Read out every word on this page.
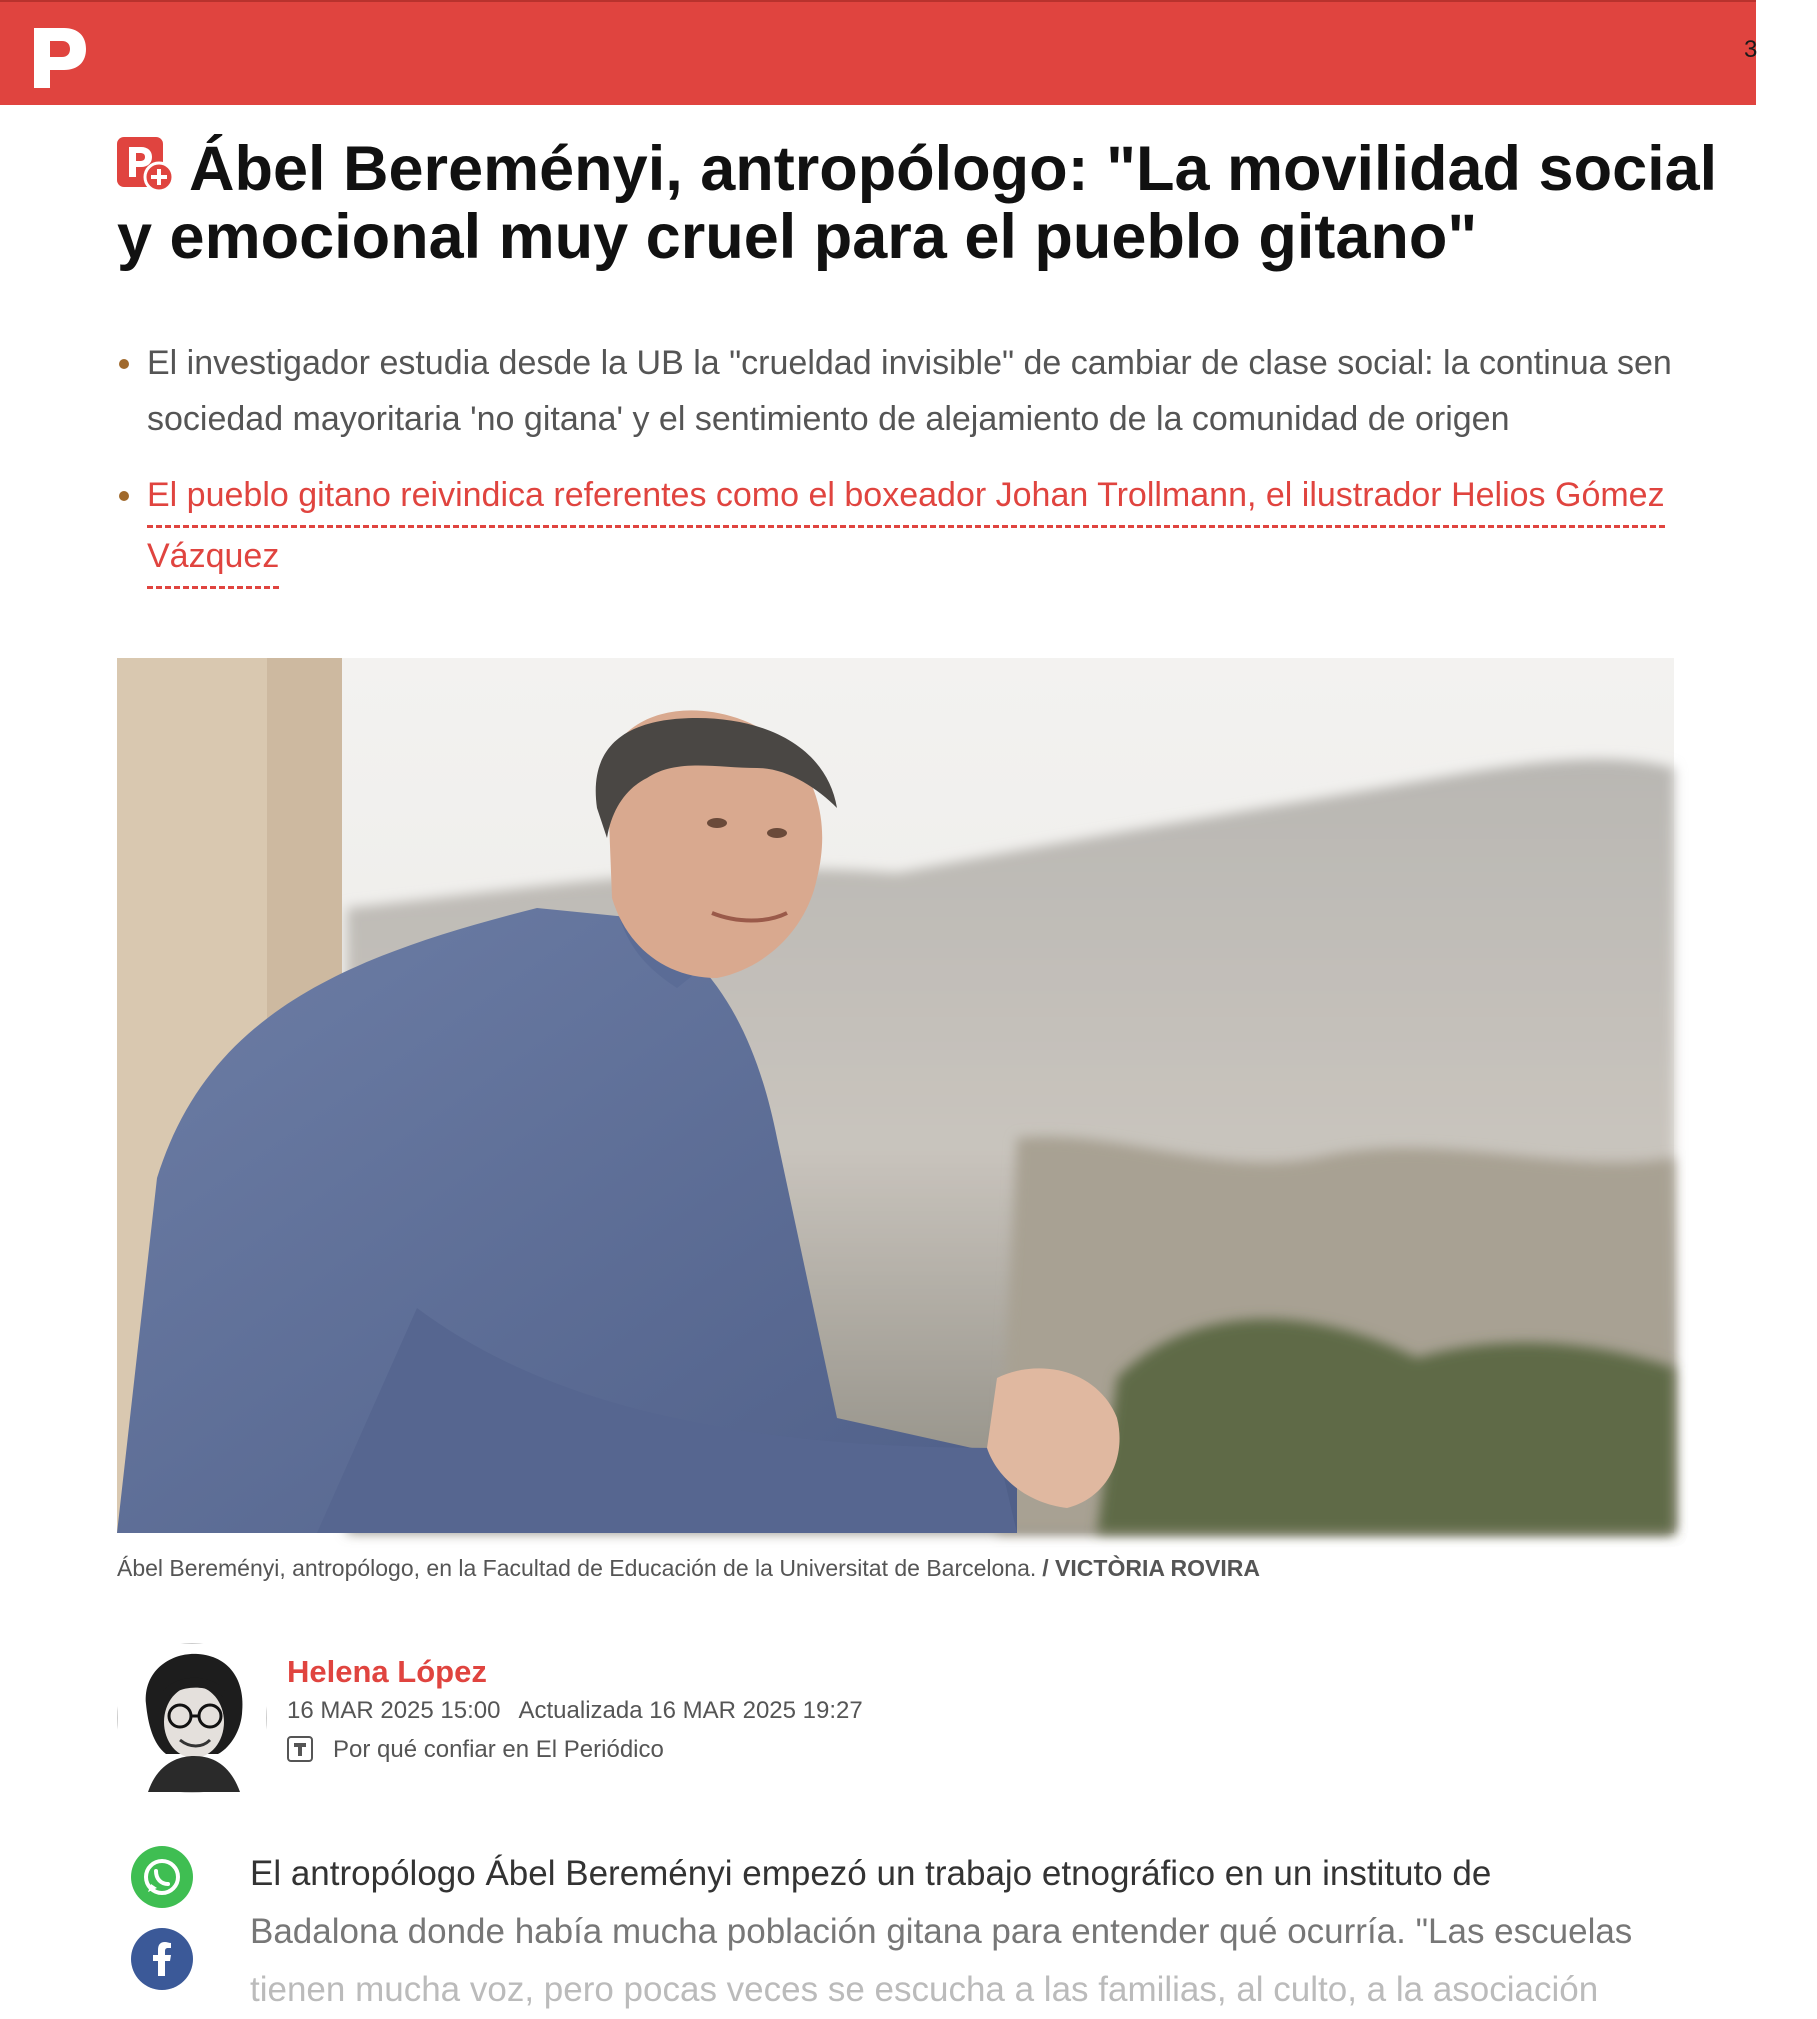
3
Ábel Bereményi, antropólogo: "La movilidad social
y emocional muy cruel para el pueblo gitano"
El investigador estudia desde la UB la "crueldad invisible" de cambiar de clase social: la continua sen
sociedad mayoritaria 'no gitana' y el sentimiento de alejamiento de la comunidad de origen
El pueblo gitano reivindica referentes como el boxeador Johan Trollmann, el ilustrador Helios Gómez
Vázquez
Ábel Bereményi, antropólogo, en la Facultad de Educación de la Universitat de Barcelona. / VICTÒRIA ROVIRA
Helena López
16 MAR 2025 15:00 Actualizada 16 MAR 2025 19:27
Por qué confiar en El Periódico
El antropólogo Ábel Bereményi empezó un trabajo etnográfico en un instituto de
Badalona donde había mucha población gitana para entender qué ocurría. "Las escuelas
tienen mucha voz, pero pocas veces se escucha a las familias, al culto, a la asociación
